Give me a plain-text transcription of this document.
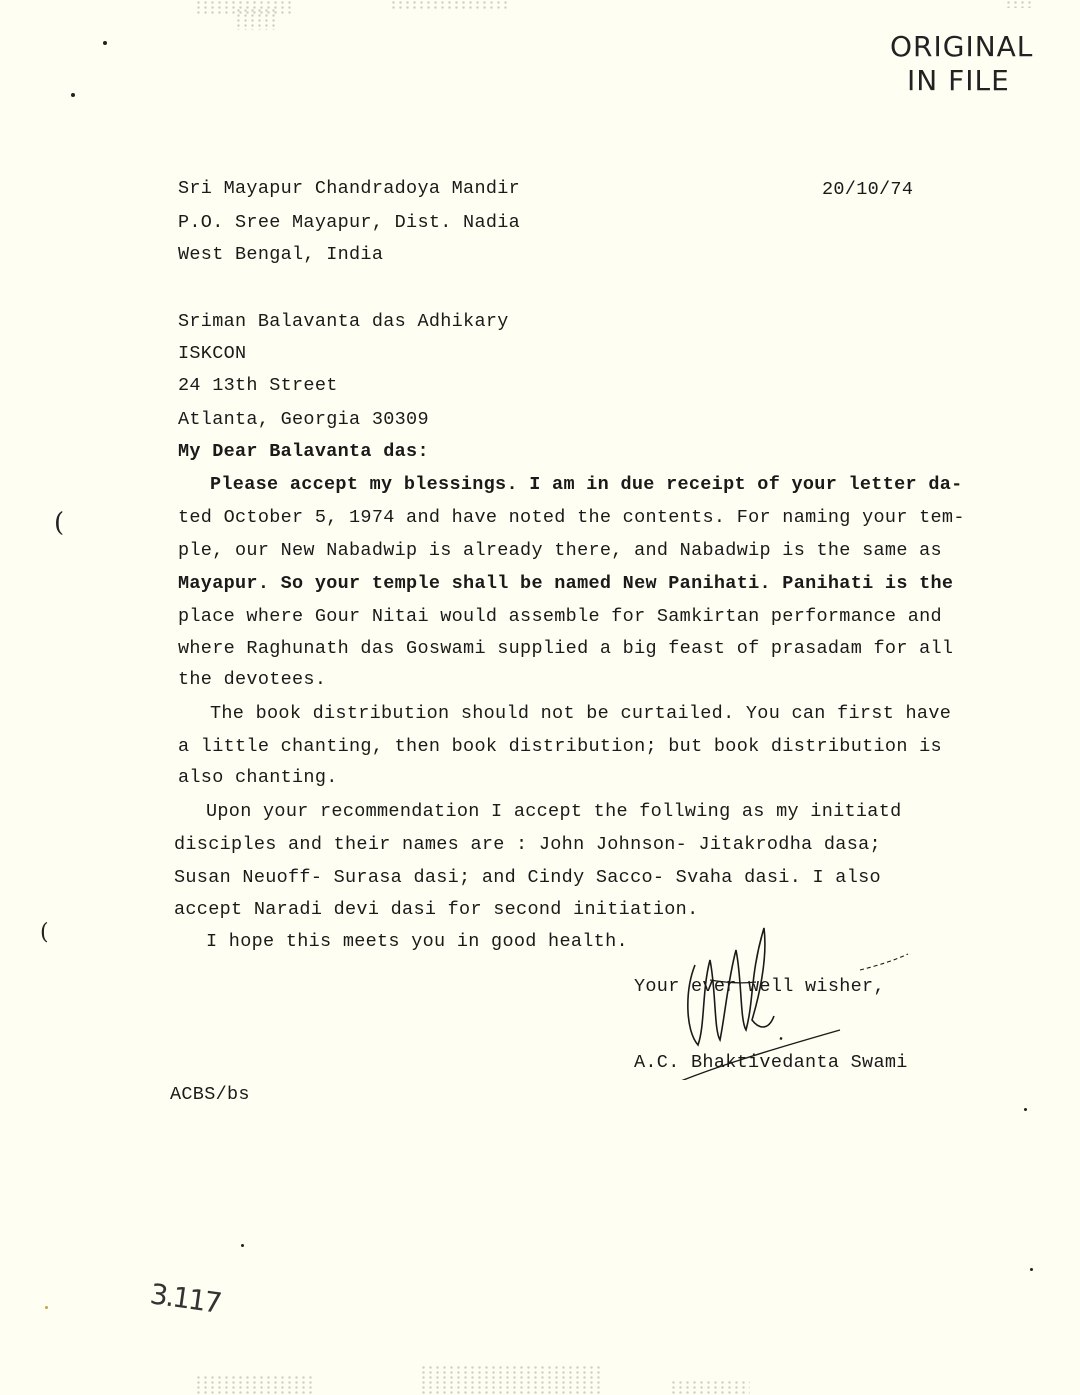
ORIGINAL
IN FILE
20/10/74
Sri Mayapur Chandradoya Mandir
P.O. Sree Mayapur, Dist. Nadia
West Bengal, India
Sriman Balavanta das Adhikary
ISKCON
24 13th Street
Atlanta, Georgia 30309
My Dear Balavanta das:
Please accept my blessings. I am in due receipt of your letter da-
ted October 5, 1974 and have noted the contents. For naming your tem-
ple, our New Nabadwip is already there, and Nabadwip is the same as
Mayapur. So your temple shall be named New Panihati. Panihati is the
place where Gour Nitai would assemble for Samkirtan performance and
where Raghunath das Goswami supplied a big feast of prasadam for all
the devotees.
The book distribution should not be curtailed. You can first have
a little chanting, then book distribution; but book distribution is
also chanting.
Upon your recommendation I accept the follwing as my initiatd
disciples and their names are : John Johnson- Jitakrodha dasa;
Susan Neuoff- Surasa dasi; and Cindy Sacco- Svaha dasi. I also
accept Naradi devi dasi for second initiation.
I hope this meets you in good health.
(
(
Your ever well wisher,
A.C. Bhaktivedanta Swami
ACBS/bs
3.117
